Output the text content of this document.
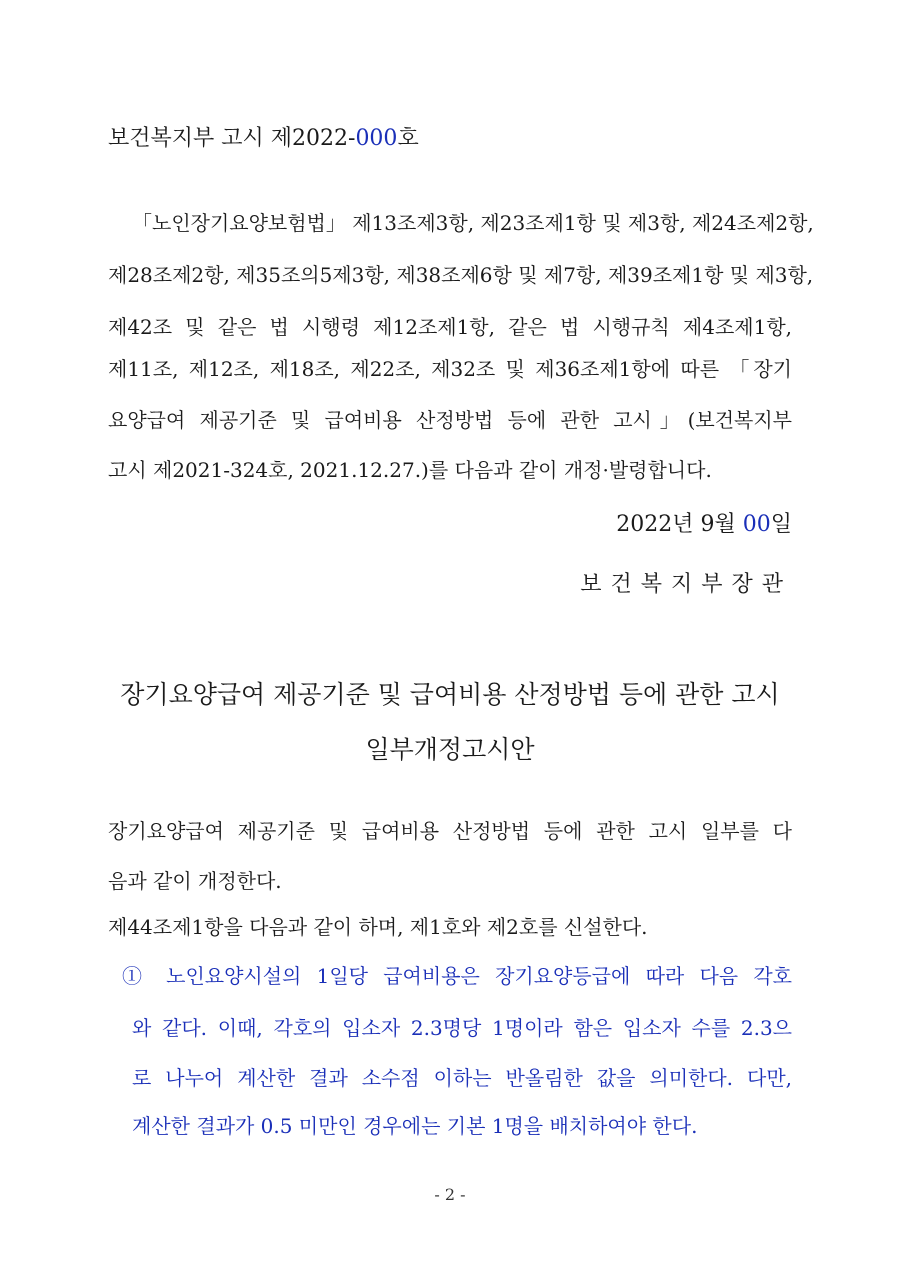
보건복지부 고시 제2022-000호
「노인장기요양보험법」 제13조제3항, 제23조제1항 및 제3항, 제24조제2항,
제28조제2항, 제35조의5제3항, 제38조제6항 및 제7항, 제39조제1항 및 제3항,
제42조 및 같은 법 시행령 제12조제1항, 같은 법 시행규칙 제4조제1항,
제11조, 제12조, 제18조, 제22조, 제32조 및 제36조제1항에 따른 「장기
요양급여 제공기준 및 급여비용 산정방법 등에 관한 고시」(보건복지부
고시 제2021-324호, 2021.12.27.)를 다음과 같이 개정·발령합니다.
2022년 9월 00일
보건복지부장관
장기요양급여 제공기준 및 급여비용 산정방법 등에 관한 고시
일부개정고시안
장기요양급여 제공기준 및 급여비용 산정방법 등에 관한 고시 일부를 다
음과 같이 개정한다.
제44조제1항을 다음과 같이 하며, 제1호와 제2호를 신설한다.
① 노인요양시설의 1일당 급여비용은 장기요양등급에 따라 다음 각호
와 같다. 이때, 각호의 입소자 2.3명당 1명이라 함은 입소자 수를 2.3으
로 나누어 계산한 결과 소수점 이하는 반올림한 값을 의미한다. 다만,
계산한 결과가 0.5 미만인 경우에는 기본 1명을 배치하여야 한다.
- 2 -
